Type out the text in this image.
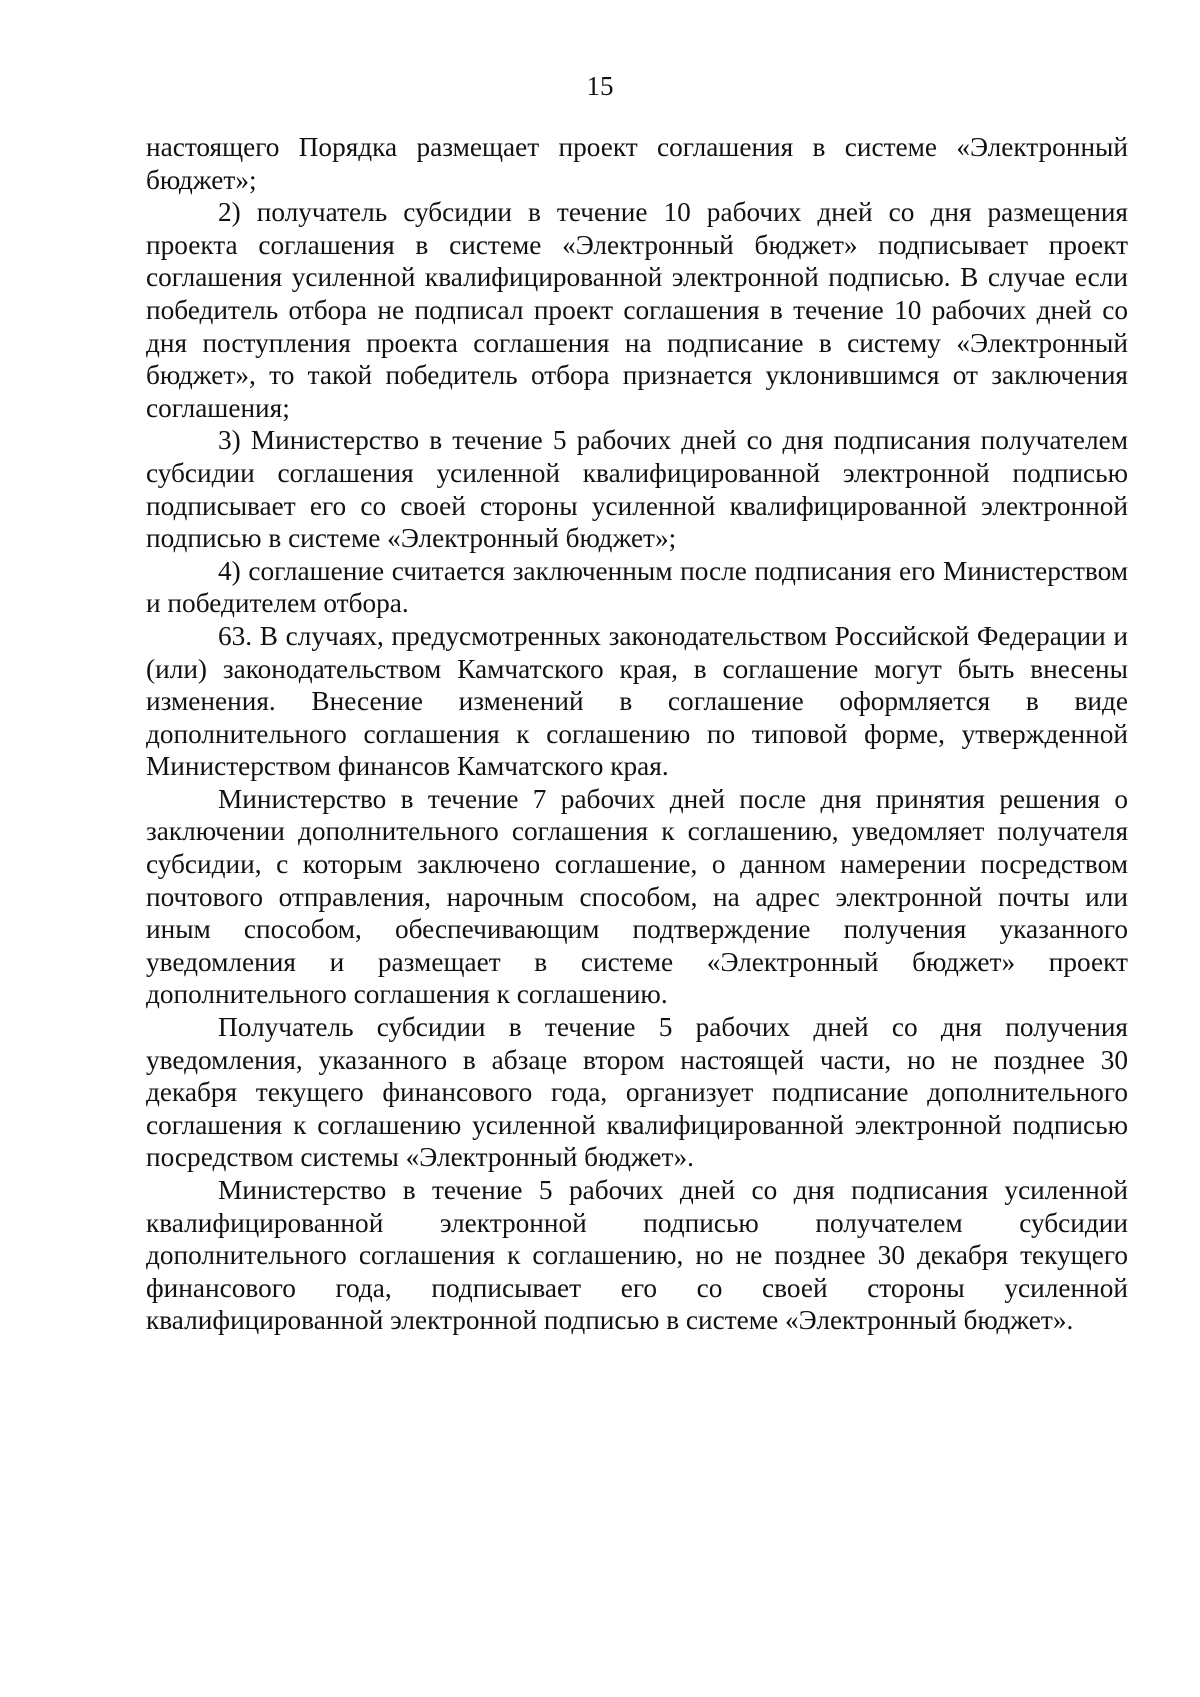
15

настоящего Порядка размещает проект соглашения в системе «Электронный бюджет»;

2) получатель субсидии в течение 10 рабочих дней со дня размещения проекта соглашения в системе «Электронный бюджет» подписывает проект соглашения усиленной квалифицированной электронной подписью. В случае если победитель отбора не подписал проект соглашения в течение 10 рабочих дней со дня поступления проекта соглашения на подписание в систему «Электронный бюджет», то такой победитель отбора признается уклонившимся от заключения соглашения;

3) Министерство в течение 5 рабочих дней со дня подписания получателем субсидии соглашения усиленной квалифицированной электронной подписью подписывает его со своей стороны усиленной квалифицированной электронной подписью в системе «Электронный бюджет»;

4) соглашение считается заключенным после подписания его Министерством и победителем отбора.

63. В случаях, предусмотренных законодательством Российской Федерации и (или) законодательством Камчатского края, в соглашение могут быть внесены изменения. Внесение изменений в соглашение оформляется в виде дополнительного соглашения к соглашению по типовой форме, утвержденной Министерством финансов Камчатского края.

Министерство в течение 7 рабочих дней после дня принятия решения о заключении дополнительного соглашения к соглашению, уведомляет получателя субсидии, с которым заключено соглашение, о данном намерении посредством почтового отправления, нарочным способом, на адрес электронной почты или иным способом, обеспечивающим подтверждение получения указанного уведомления и размещает в системе «Электронный бюджет» проект дополнительного соглашения к соглашению.

Получатель субсидии в течение 5 рабочих дней со дня получения уведомления, указанного в абзаце втором настоящей части, но не позднее 30 декабря текущего финансового года, организует подписание дополнительного соглашения к соглашению усиленной квалифицированной электронной подписью посредством системы «Электронный бюджет».

Министерство в течение 5 рабочих дней со дня подписания усиленной квалифицированной электронной подписью получателем субсидии дополнительного соглашения к соглашению, но не позднее 30 декабря текущего финансового года, подписывает его со своей стороны усиленной квалифицированной электронной подписью в системе «Электронный бюджет».
